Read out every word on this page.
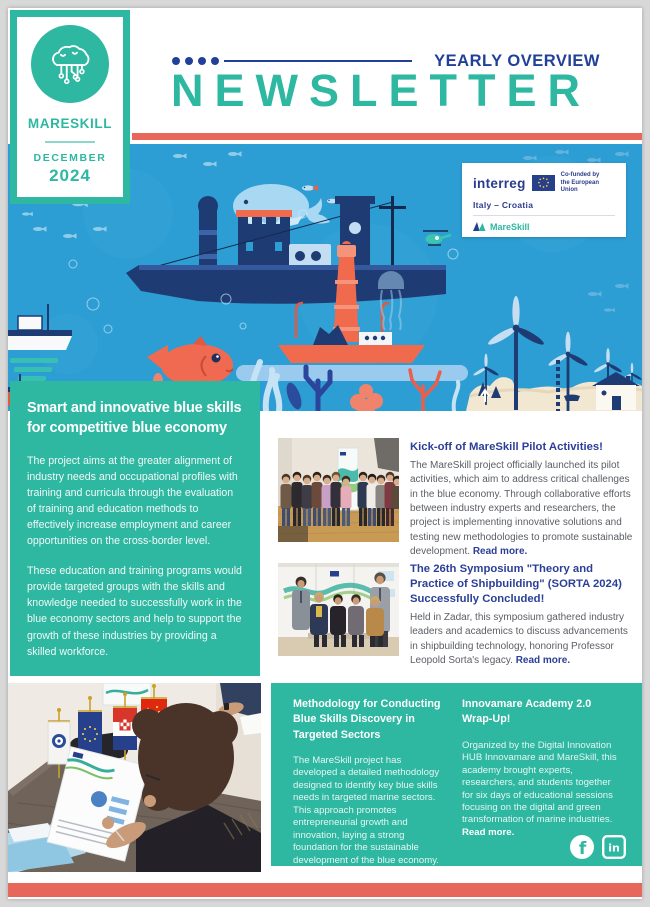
YEARLY OVERVIEW
NEWSLETTER
MARESKILL
DECEMBER
2024	interreg
Co-funded by
the European Union
Italy – Croatia
MareSkill
Smart and innovative blue skills for competitive blue economy

The project aims at the greater alignment of industry needs and occupational profiles with training and curricula through the evaluation of training and education methods to effectively increase employment and career opportunities on the cross-border level.

These education and training programs would provide targeted groups with the skills and knowledge needed to successfully work in the blue economy sectors and help to support the growth of these industries by providing a skilled workforce.

Kick-off of MareSkill Pilot Activities!
The MareSkill project officially launched its pilot activities, which aim to address critical challenges in the blue economy. Through collaborative efforts between industry experts and researchers, the project is implementing innovative solutions and testing new methodologies to promote sustainable development. Read more.
The 26th Symposium "Theory and Practice of Shipbuilding" (SORTA 2024) Successfully Concluded!
Held in Zadar, this symposium gathered industry leaders and academics to discuss advancements in shipbuilding technology, honoring Professor Leopold Sorta's legacy. Read more.
Methodology for Conducting Blue Skills Discovery in Targeted Sectors

The MareSkill project has developed a detailed methodology designed to identify key blue skills needs in targeted marine sectors. This approach promotes entrepreneurial growth and innovation, laying a strong foundation for the sustainable development of the blue economy.
Read more.

Innovamare Academy 2.0 Wrap-Up!

Organized by the Digital Innovation HUB Innovamare and MareSkill, this academy brought experts, researchers, and students together for six days of educational sessions focusing on the digital and green transformation of marine industries.
Read more.

f in
